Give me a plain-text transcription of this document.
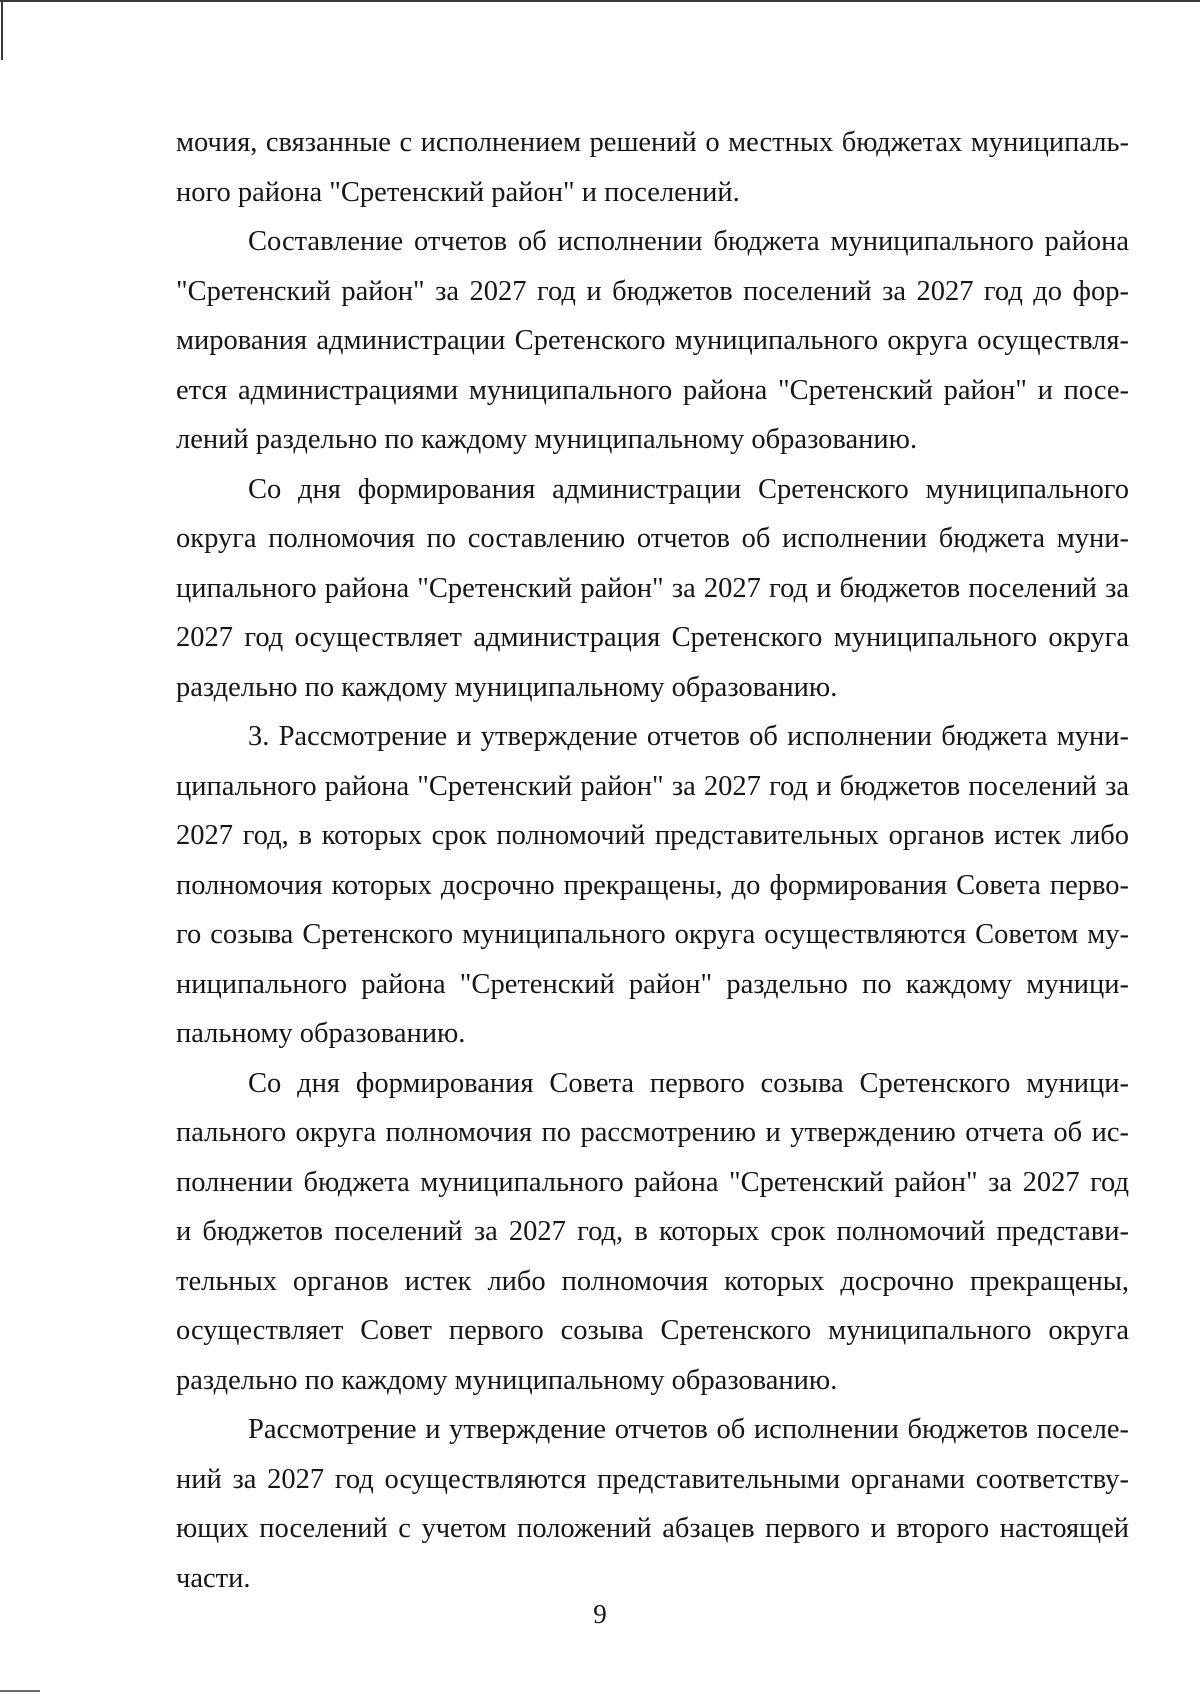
мочия, связанные с исполнением решений о местных бюджетах муниципаль-
ного района "Сретенский район" и поселений.
Составление отчетов об исполнении бюджета муниципального района
"Сретенский район" за 2027 год и бюджетов поселений за 2027 год до фор-
мирования администрации Сретенского муниципального округа осуществля-
ется администрациями муниципального района "Сретенский район" и посе-
лений раздельно по каждому муниципальному образованию.
Со дня формирования администрации Сретенского муниципального
округа полномочия по составлению отчетов об исполнении бюджета муни-
ципального района "Сретенский район" за 2027 год и бюджетов поселений за
2027 год осуществляет администрация Сретенского муниципального округа
раздельно по каждому муниципальному образованию.
3. Рассмотрение и утверждение отчетов об исполнении бюджета муни-
ципального района "Сретенский район" за 2027 год и бюджетов поселений за
2027 год, в которых срок полномочий представительных органов истек либо
полномочия которых досрочно прекращены, до формирования Совета перво-
го созыва Сретенского муниципального округа осуществляются Советом му-
ниципального района "Сретенский район" раздельно по каждому муници-
пальному образованию.
Со дня формирования Совета первого созыва Сретенского муници-
пального округа полномочия по рассмотрению и утверждению отчета об ис-
полнении бюджета муниципального района "Сретенский район" за 2027 год
и бюджетов поселений за 2027 год, в которых срок полномочий представи-
тельных органов истек либо полномочия которых досрочно прекращены,
осуществляет Совет первого созыва Сретенского муниципального округа
раздельно по каждому муниципальному образованию.
Рассмотрение и утверждение отчетов об исполнении бюджетов поселе-
ний за 2027 год осуществляются представительными органами соответству-
ющих поселений с учетом положений абзацев первого и второго настоящей
части.
9
